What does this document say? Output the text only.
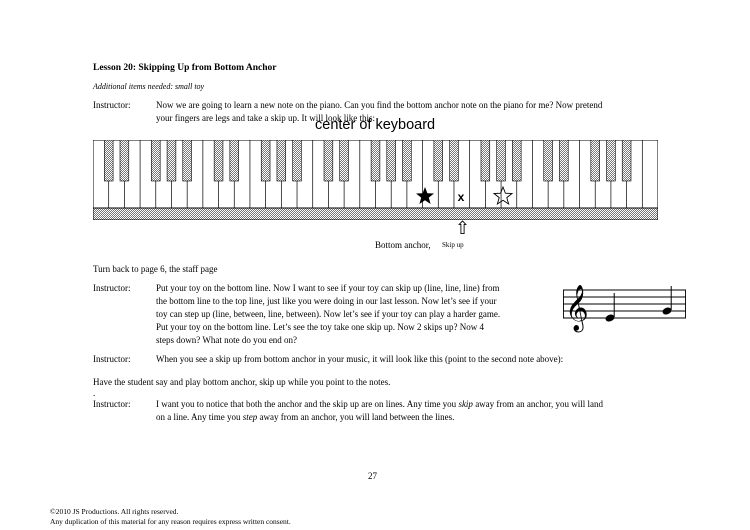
Lesson 20: Skipping Up from Bottom Anchor
Additional items needed: small toy
Instructor:	Now we are going to learn a new note on the piano. Can you find the bottom anchor note on the piano for me? Now pretend
your fingers are legs and take a skip up. It will look like this:
center of keyboard
x
⇧
Bottom anchor, Skip up
Turn back to page 6, the staff page
Instructor:	Put your toy on the bottom line. Now I want to see if your toy can skip up (line, line, line) from
the bottom line to the top line, just like you were doing in our last lesson. Now let’s see if your
toy can step up (line, between, line, between). Now let’s see if your toy can play a harder game.
Put your toy on the bottom line. Let’s see the toy take one skip up. Now 2 skips up? Now 4
steps down? What note do you end on?
𝄞
Instructor:	When you see a skip up from bottom anchor in your music, it will look like this (point to the second note above):
Have the student say and play bottom anchor, skip up while you point to the notes.
.
Instructor:	I want you to notice that both the anchor and the skip up are on lines. Any time you skip away from an anchor, you will land
on a line. Any time you step away from an anchor, you will land between the lines.
27
©2010 JS Productions. All rights reserved.
Any duplication of this material for any reason requires express written consent.
